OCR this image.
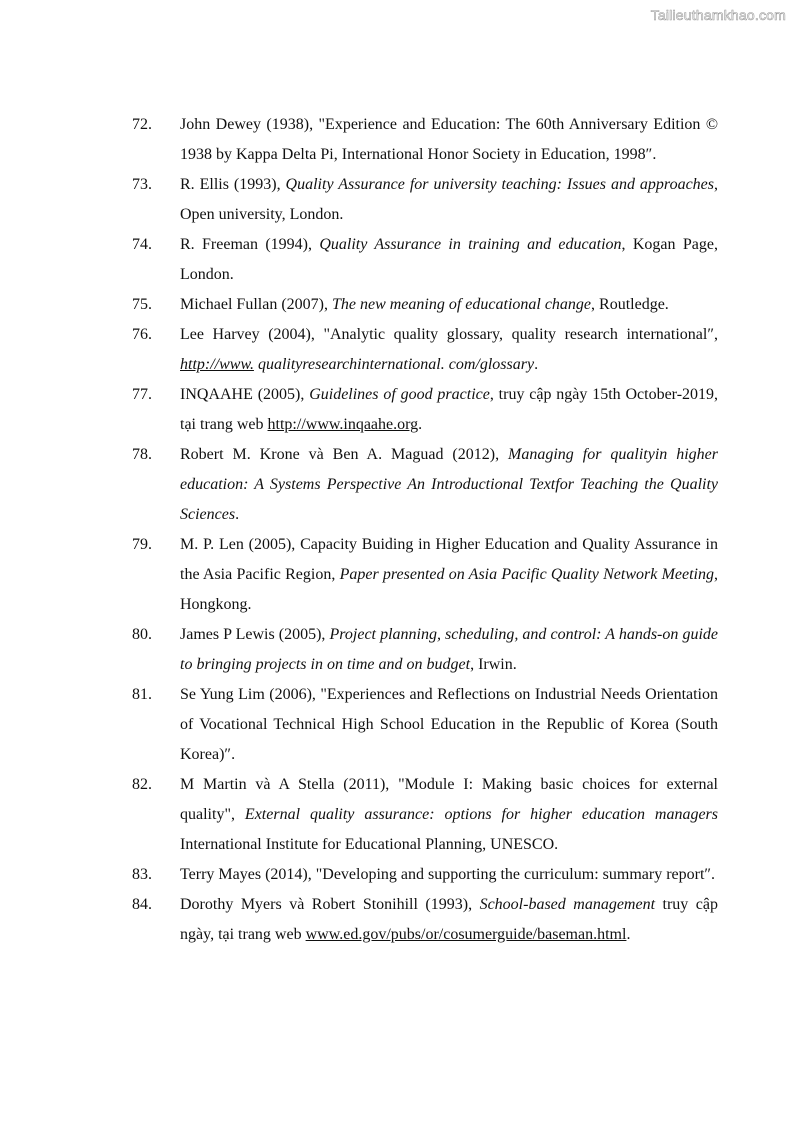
Tailieuthamkhao.com
72.	John Dewey (1938), "Experience and Education: The 60th Anniversary Edition © 1938 by Kappa Delta Pi, International Honor Society in Education, 1998″.
73.	R. Ellis (1993), Quality Assurance for university teaching: Issues and approaches, Open university, London.
74.	R. Freeman (1994), Quality Assurance in training and education, Kogan Page, London.
75.	Michael Fullan (2007), The new meaning of educational change, Routledge.
76.	Lee Harvey (2004), "Analytic quality glossary, quality research international″, http://www. qualityresearchinternational. com/glossary.
77.	INQAAHE (2005), Guidelines of good practice, truy cập ngày 15th October-2019, tại trang web http://www.inqaahe.org.
78.	Robert M. Krone và Ben A. Maguad (2012), Managing for qualityin higher education: A Systems Perspective An Introductional Textfor Teaching the Quality Sciences.
79.	M. P. Len (2005), Capacity Buiding in Higher Education and Quality Assurance in the Asia Pacific Region, Paper presented on Asia Pacific Quality Network Meeting, Hongkong.
80.	James P Lewis (2005), Project planning, scheduling, and control: A hands-on guide to bringing projects in on time and on budget, Irwin.
81.	Se Yung Lim (2006), "Experiences and Reflections on Industrial Needs Orientation of Vocational Technical High School Education in the Republic of Korea (South Korea)″.
82.	M Martin và A Stella (2011), "Module I: Making basic choices for external quality", External quality assurance: options for higher education managers International Institute for Educational Planning, UNESCO.
83.	Terry Mayes (2014), "Developing and supporting the curriculum: summary report″.
84.	Dorothy Myers và Robert Stonihill (1993), School-based management truy cập ngày, tại trang web www.ed.gov/pubs/or/cosumerguide/baseman.html.
